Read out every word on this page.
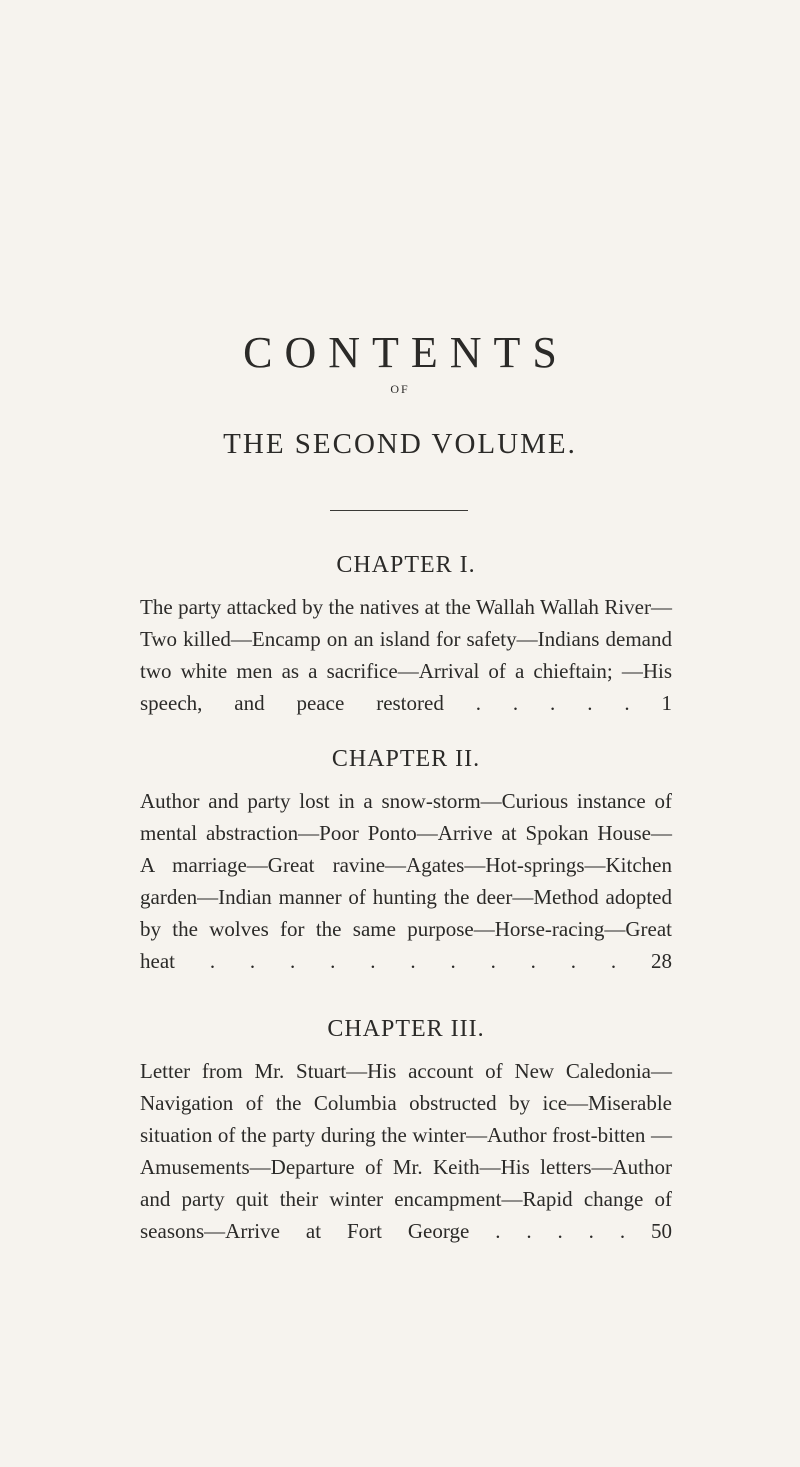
CONTENTS
OF
THE SECOND VOLUME.
CHAPTER I.

The party attacked by the natives at the Wallah Wallah River—Two killed—Encamp on an island for safety—Indians demand two white men as a sacrifice—Arrival of a chieftain; —His speech, and peace restored . . . . . 1

CHAPTER II.

Author and party lost in a snow-storm—Curious instance of mental abstraction—Poor Ponto—Arrive at Spokan House— A marriage—Great ravine—Agates—Hot-springs—Kitchen garden—Indian manner of hunting the deer—Method adopted by the wolves for the same purpose—Horse-racing—Great heat . . . . . . . . . . . 28

CHAPTER III.

Letter from Mr. Stuart—His account of New Caledonia— Navigation of the Columbia obstructed by ice—Miserable situation of the party during the winter—Author frost-bitten —Amusements—Departure of Mr. Keith—His letters—Author and party quit their winter encampment—Rapid change of seasons—Arrive at Fort George . . . . . 50
